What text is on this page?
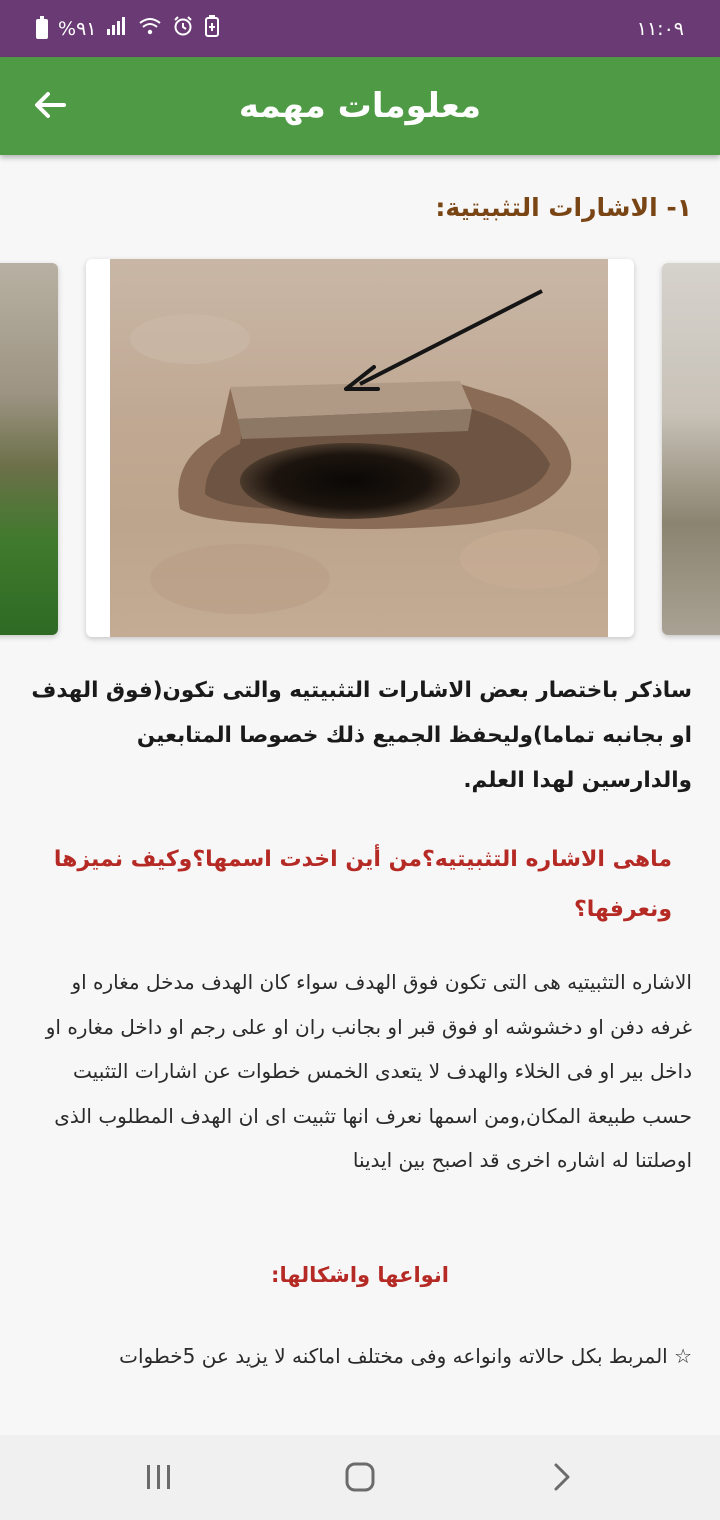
%٩١	١١:٠٩
معلومات مهمه
١- الاشارات التثبيتية:
ساذكر باختصار بعض الاشارات التثبيتيه والتى تكون(فوق الهدف او بجانبه تماما)وليحفظ الجميع ذلك خصوصا المتابعين والدارسين لهدا العلم.
ماهى الاشاره التثبيتيه؟من أين اخدت اسمها؟وكيف نميزها ونعرفها؟
الاشاره التثبيتيه هى التى تكون فوق الهدف سواء كان الهدف مدخل مغاره او غرفه دفن او دخشوشه او فوق قبر او بجانب ران او على رجم او داخل مغاره او داخل بير او فى الخلاء والهدف لا يتعدى الخمس خطوات عن اشارات التثبيت حسب طبيعة المكان,ومن اسمها نعرف انها تثبيت اى ان الهدف المطلوب الذى اوصلتنا له اشاره اخرى قد اصبح بين ايدينا
انواعها واشكالها:
☆ المربط بكل حالاته وانواعه وفى مختلف اماكنه لا يزيد عن 5خطوات
